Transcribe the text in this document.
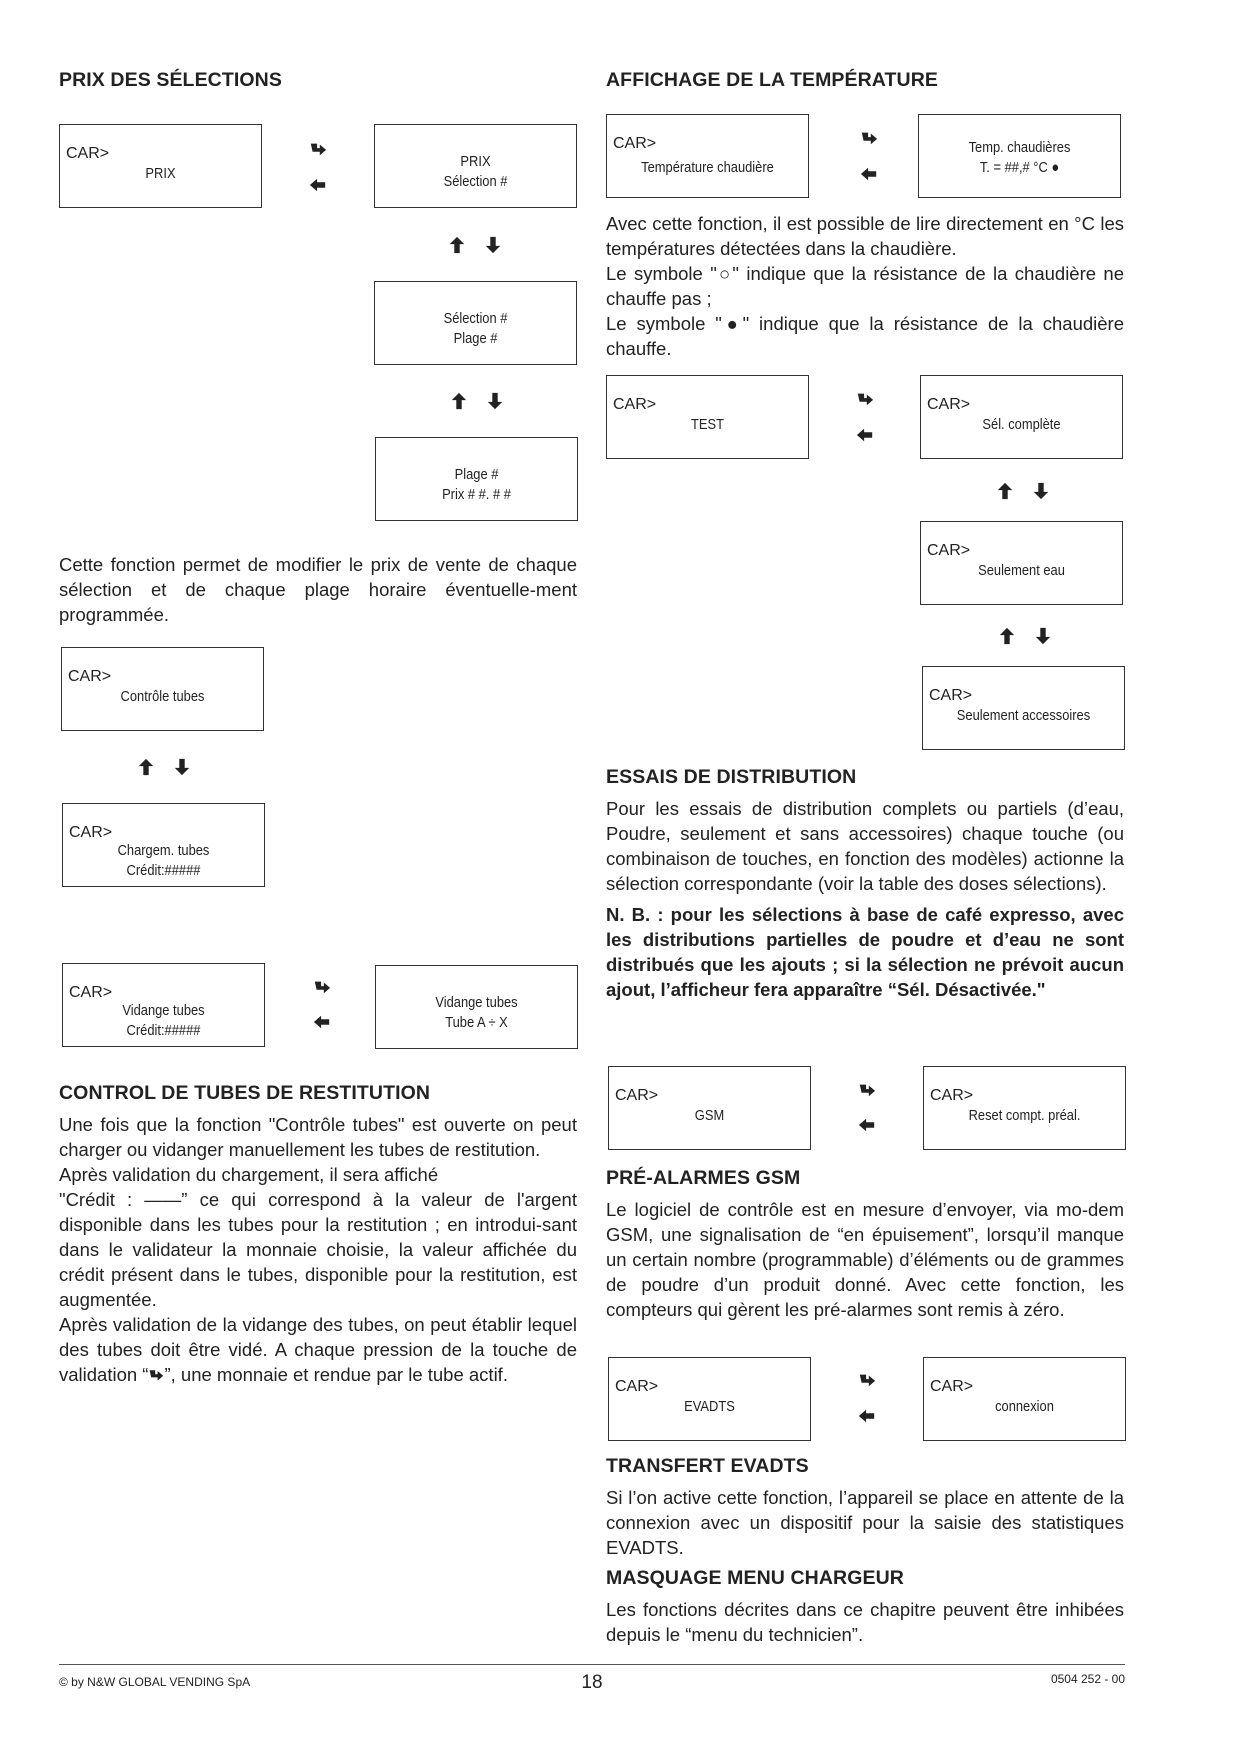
PRIX DES SÉLECTIONS
CAR>
PRIX
PRIX
Sélection #
Sélection #
Plage #
Plage #
Prix # #. # #
Cette fonction permet de modifier le prix de vente de chaque sélection et de chaque plage horaire éventuelle-ment programmée.
CAR>
Contrôle tubes
CAR>
Chargem. tubes
Crédit:#####
CAR>
Vidange tubes
Crédit:#####
Vidange tubes
Tube A ÷ X
CONTROL DE TUBES DE RESTITUTION

Une fois que la fonction "Contrôle tubes" est ouverte on peut charger ou vidanger manuellement les tubes de restitution.

Après validation du chargement, il sera affiché

"Crédit : ——” ce qui correspond à la valeur de l'argent disponible dans les tubes pour la restitution ; en introdui-sant dans le validateur la monnaie choisie, la valeur affichée du crédit présent dans le tubes, disponible pour la restitution, est augmentée.

Après validation de la vidange des tubes, on peut établir lequel des tubes doit être vidé. A chaque pression de la touche de validation “ ”, une monnaie et rendue par le tube actif.

AFFICHAGE DE LA TEMPÉRATURE
CAR>
Température chaudière
Temp. chaudières
T. = ##,# °C ●

Avec cette fonction, il est possible de lire directement en °C les températures détectées dans la chaudière.

Le symbole "○" indique que la résistance de la chaudière ne chauffe pas ;

Le symbole "●" indique que la résistance de la chaudière chauffe.

CAR>
TEST
CAR>
Sél. complète
CAR>
Seulement eau
CAR>
Seulement accessoires
ESSAIS DE DISTRIBUTION

Pour les essais de distribution complets ou partiels (d’eau, Poudre, seulement et sans accessoires) chaque touche (ou combinaison de touches, en fonction des modèles) actionne la sélection correspondante (voir la table des doses sélections).

N. B. : pour les sélections à base de café expresso, avec les distributions partielles de poudre et d’eau ne sont distribués que les ajouts ; si la sélection ne prévoit aucun ajout, l’afficheur fera apparaître “Sél. Désactivée."

CAR>
GSM
CAR>
Reset compt. préal.
PRÉ-ALARMES GSM
Le logiciel de contrôle est en mesure d’envoyer, via mo-dem GSM, une signalisation de “en épuisement”, lorsqu’il manque un certain nombre (programmable) d’éléments ou de grammes de poudre d’un produit donné. Avec cette fonction, les compteurs qui gèrent les pré-alarmes sont remis à zéro.
CAR>
EVADTS
CAR>
connexion
TRANSFERT EVADTS
Si l’on active cette fonction, l’appareil se place en attente de la connexion avec un dispositif pour la saisie des statistiques EVADTS.
MASQUAGE MENU CHARGEUR
Les fonctions décrites dans ce chapitre peuvent être inhibées depuis le “menu du technicien”.
© by N&W GLOBAL VENDING SpA	18	0504 252 - 00
